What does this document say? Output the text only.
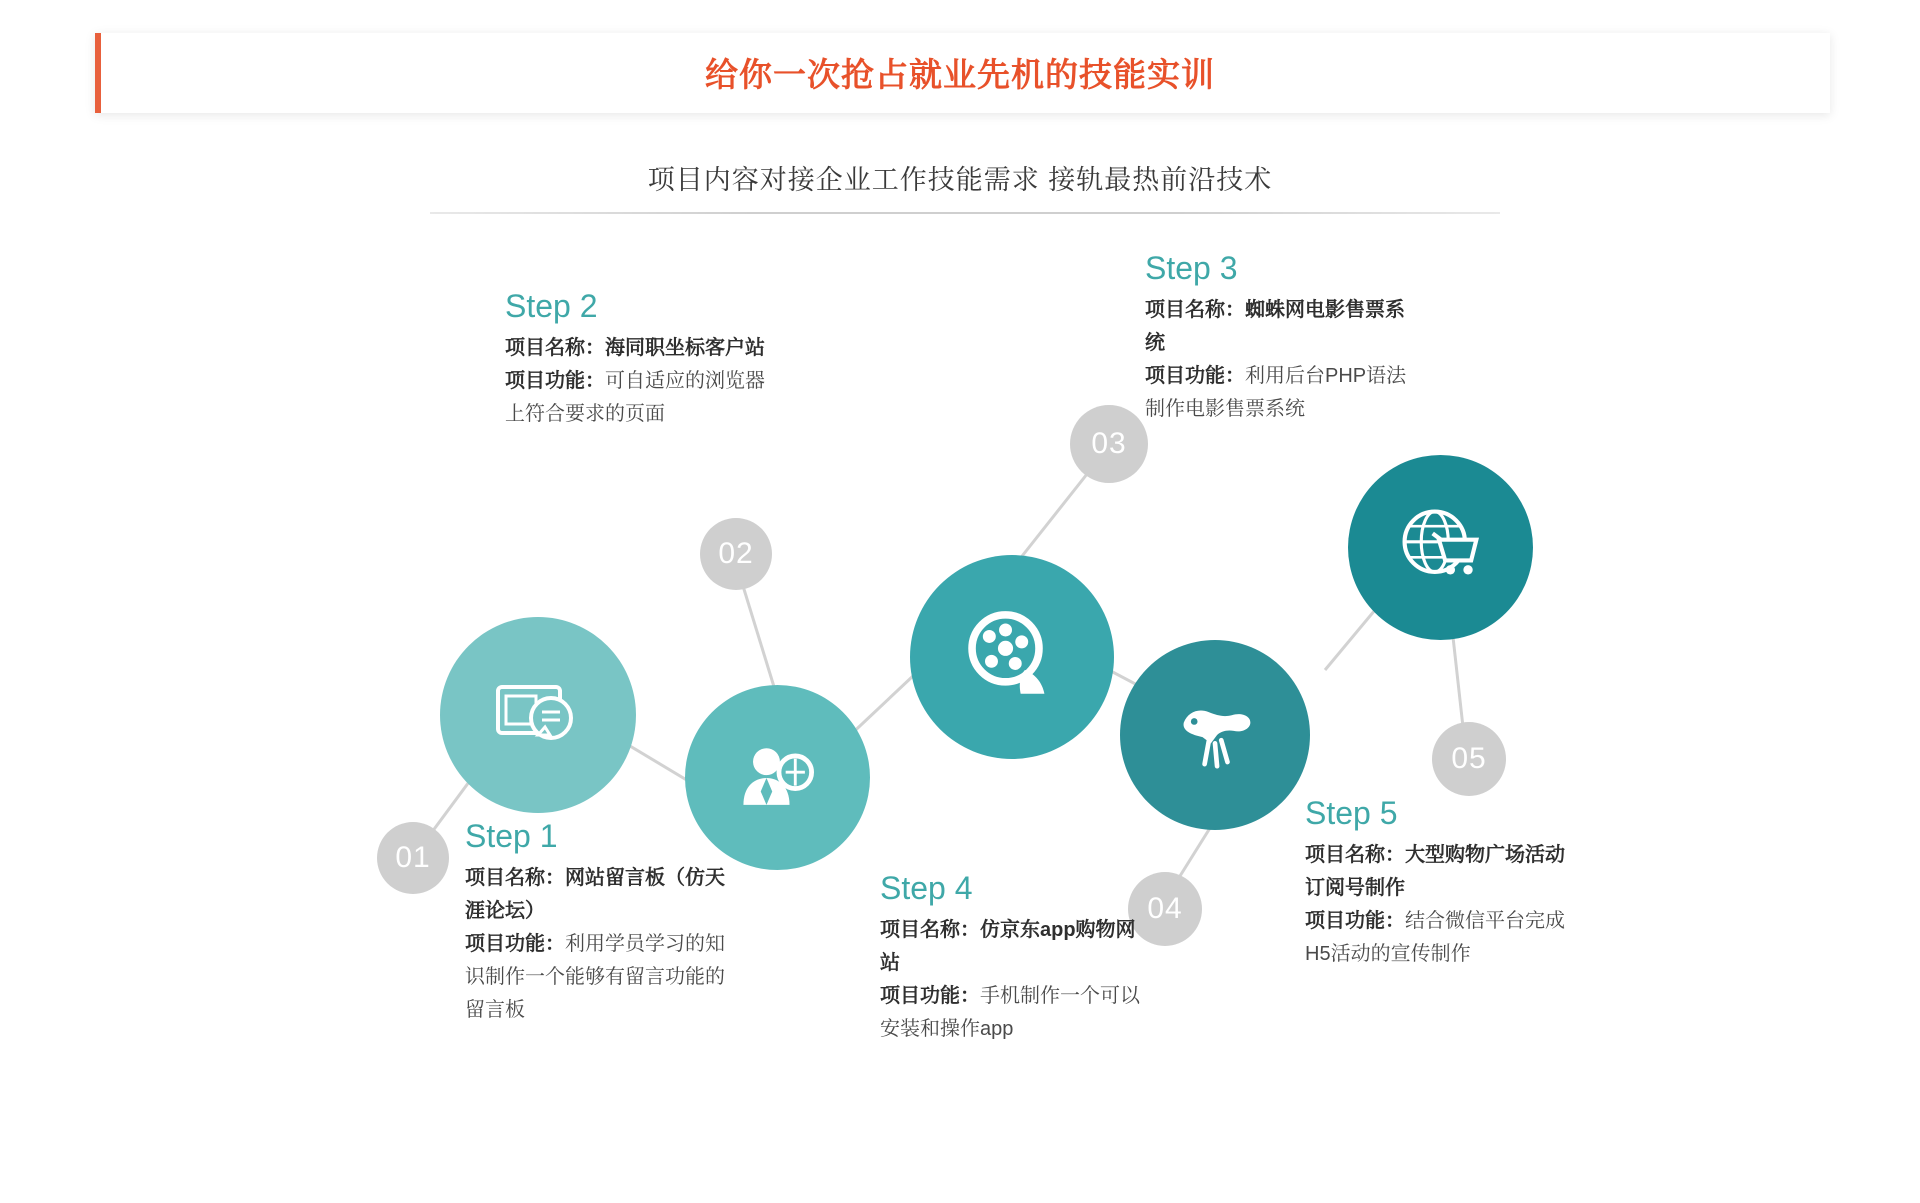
给你一次抢占就业先机的技能实训
项目内容对接企业工作技能需求 接轨最热前沿技术
01
02
03
04
05
Step 1
项目名称：网站留言板（仿天涯论坛）
项目功能：利用学员学习的知识制作一个能够有留言功能的留言板
Step 2
项目名称：海同职坐标客户站
项目功能：可自适应的浏览器上符合要求的页面
Step 3
项目名称：蜘蛛网电影售票系统
项目功能：利用后台PHP语法制作电影售票系统
Step 4
项目名称：仿京东app购物网站
项目功能：手机制作一个可以安装和操作app
Step 5
项目名称：大型购物广场活动订阅号制作
项目功能：结合微信平台完成H5活动的宣传制作
